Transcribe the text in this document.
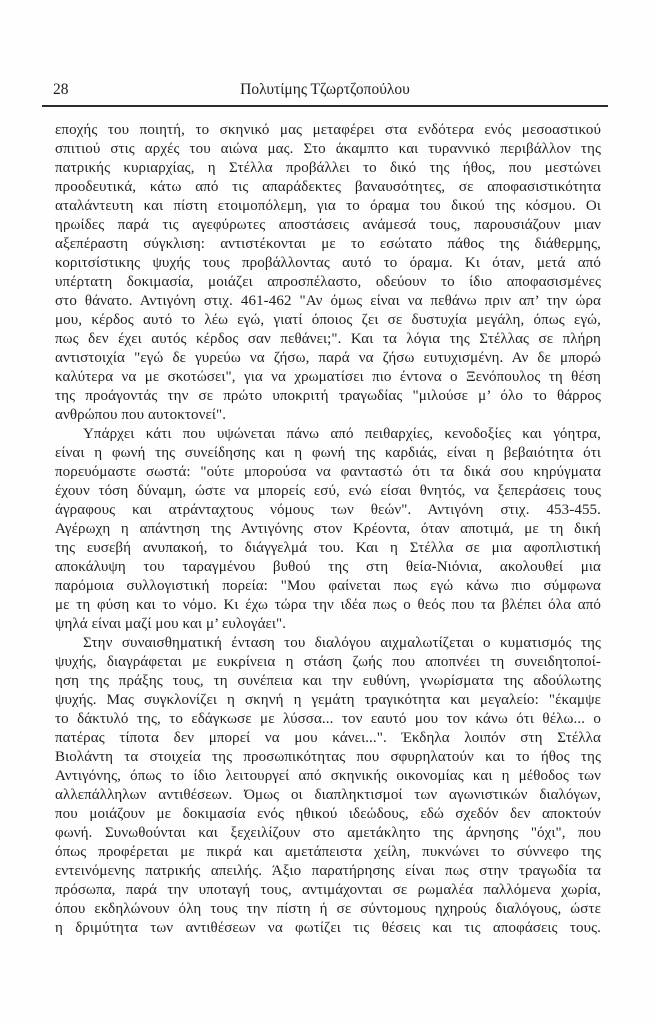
28	Πολυτίμης Τζωρτζοπούλου
εποχής του ποιητή, το σκηνικό μας μεταφέρει στα ενδότερα ενός μεσοαστικού
σπιτιού στις αρχές του αιώνα μας. Στο άκαμπτο και τυραννικό περιβάλλον της
πατρικής κυριαρχίας, η Στέλλα προβάλλει το δικό της ήθος, που μεστώνει
προοδευτικά, κάτω από τις απαράδεκτες βαναυσότητες, σε αποφασιστικότητα
αταλάντευτη και πίστη ετοιμοπόλεμη, για το όραμα του δικού της κόσμου. Οι
ηρωίδες παρά τις αγεφύρωτες αποστάσεις ανάμεσά τους, παρουσιάζουν μιαν
αξεπέραστη σύγκλιση: αντιστέκονται με το εσώτατο πάθος της διάθερμης,
κοριτσίστικης ψυχής τους προβάλλοντας αυτό το όραμα. Κι όταν, μετά από
υπέρτατη δοκιμασία, μοιάζει απροσπέλαστο, οδεύουν το ίδιο αποφασισμένες
στο θάνατο. Αντιγόνη στιχ. 461-462 "Αν όμως είναι να πεθάνω πριν απ’ την ώρα
μου, κέρδος αυτό το λέω εγώ, γιατί όποιος ζει σε δυστυχία μεγάλη, όπως εγώ,
πως δεν έχει αυτός κέρδος σαν πεθάνει;". Και τα λόγια της Στέλλας σε πλήρη
αντιστοιχία "εγώ δε γυρεύω να ζήσω, παρά να ζήσω ευτυχισμένη. Αν δε μπορώ
καλύτερα να με σκοτώσει", για να χρωματίσει πιο έντονα ο Ξενόπουλος τη θέση
της προάγοντάς την σε πρώτο υποκριτή τραγωδίας "μιλούσε μ’ όλο το θάρρος
ανθρώπου που αυτοκτονεί".
Υπάρχει κάτι που υψώνεται πάνω από πειθαρχίες, κενοδοξίες και γόητρα,
είναι η φωνή της συνείδησης και η φωνή της καρδιάς, είναι η βεβαιότητα ότι
πορευόμαστε σωστά: "ούτε μπορούσα να φανταστώ ότι τα δικά σου κηρύγματα
έχουν τόση δύναμη, ώστε να μπορείς εσύ, ενώ είσαι θνητός, να ξεπεράσεις τους
άγραφους και ατράνταχτους νόμους των θεών". Αντιγόνη στιχ. 453-455.
Αγέρωχη η απάντηση της Αντιγόνης στον Κρέοντα, όταν αποτιμά, με τη δική
της ευσεβή ανυπακοή, το διάγγελμά του. Και η Στέλλα σε μια αφοπλιστική
αποκάλυψη του ταραγμένου βυθού της στη θεία-Νιόνια, ακολουθεί μια
παρόμοια συλλογιστική πορεία: "Μου φαίνεται πως εγώ κάνω πιο σύμφωνα
με τη φύση και το νόμο. Κι έχω τώρα την ιδέα πως ο θεός που τα βλέπει όλα από
ψηλά είναι μαζί μου και μ’ ευλογάει".
Στην συναισθηματική ένταση του διαλόγου αιχμαλωτίζεται ο κυματισμός της
ψυχής, διαγράφεται με ευκρίνεια η στάση ζωής που αποπνέει τη συνειδητοποί-
ηση της πράξης τους, τη συνέπεια και την ευθύνη, γνωρίσματα της αδούλωτης
ψυχής. Μας συγκλονίζει η σκηνή η γεμάτη τραγικότητα και μεγαλείο: "έκαμψε
το δάκτυλό της, το εδάγκωσε με λύσσα... τον εαυτό μου τον κάνω ότι θέλω... ο
πατέρας τίποτα δεν μπορεί να μου κάνει...". Έκδηλα λοιπόν στη Στέλλα
Βιολάντη τα στοιχεία της προσωπικότητας που σφυρηλατούν και το ήθος της
Αντιγόνης, όπως το ίδιο λειτουργεί από σκηνικής οικονομίας και η μέθοδος των
αλλεπάλληλων αντιθέσεων. Όμως οι διαπληκτισμοί των αγωνιστικών διαλόγων,
που μοιάζουν με δοκιμασία ενός ηθικού ιδεώδους, εδώ σχεδόν δεν αποκτούν
φωνή. Συνωθούνται και ξεχειλίζουν στο αμετάκλητο της άρνησης "όχι", που
όπως προφέρεται με πικρά και αμετάπειστα χείλη, πυκνώνει το σύννεφο της
εντεινόμενης πατρικής απειλής. Άξιο παρατήρησης είναι πως στην τραγωδία τα
πρόσωπα, παρά την υποταγή τους, αντιμάχονται σε ρωμαλέα παλλόμενα χωρία,
όπου εκδηλώνουν όλη τους την πίστη ή σε σύντομους ηχηρούς διαλόγους, ώστε
η δριμύτητα των αντιθέσεων να φωτίζει τις θέσεις και τις αποφάσεις τους.
